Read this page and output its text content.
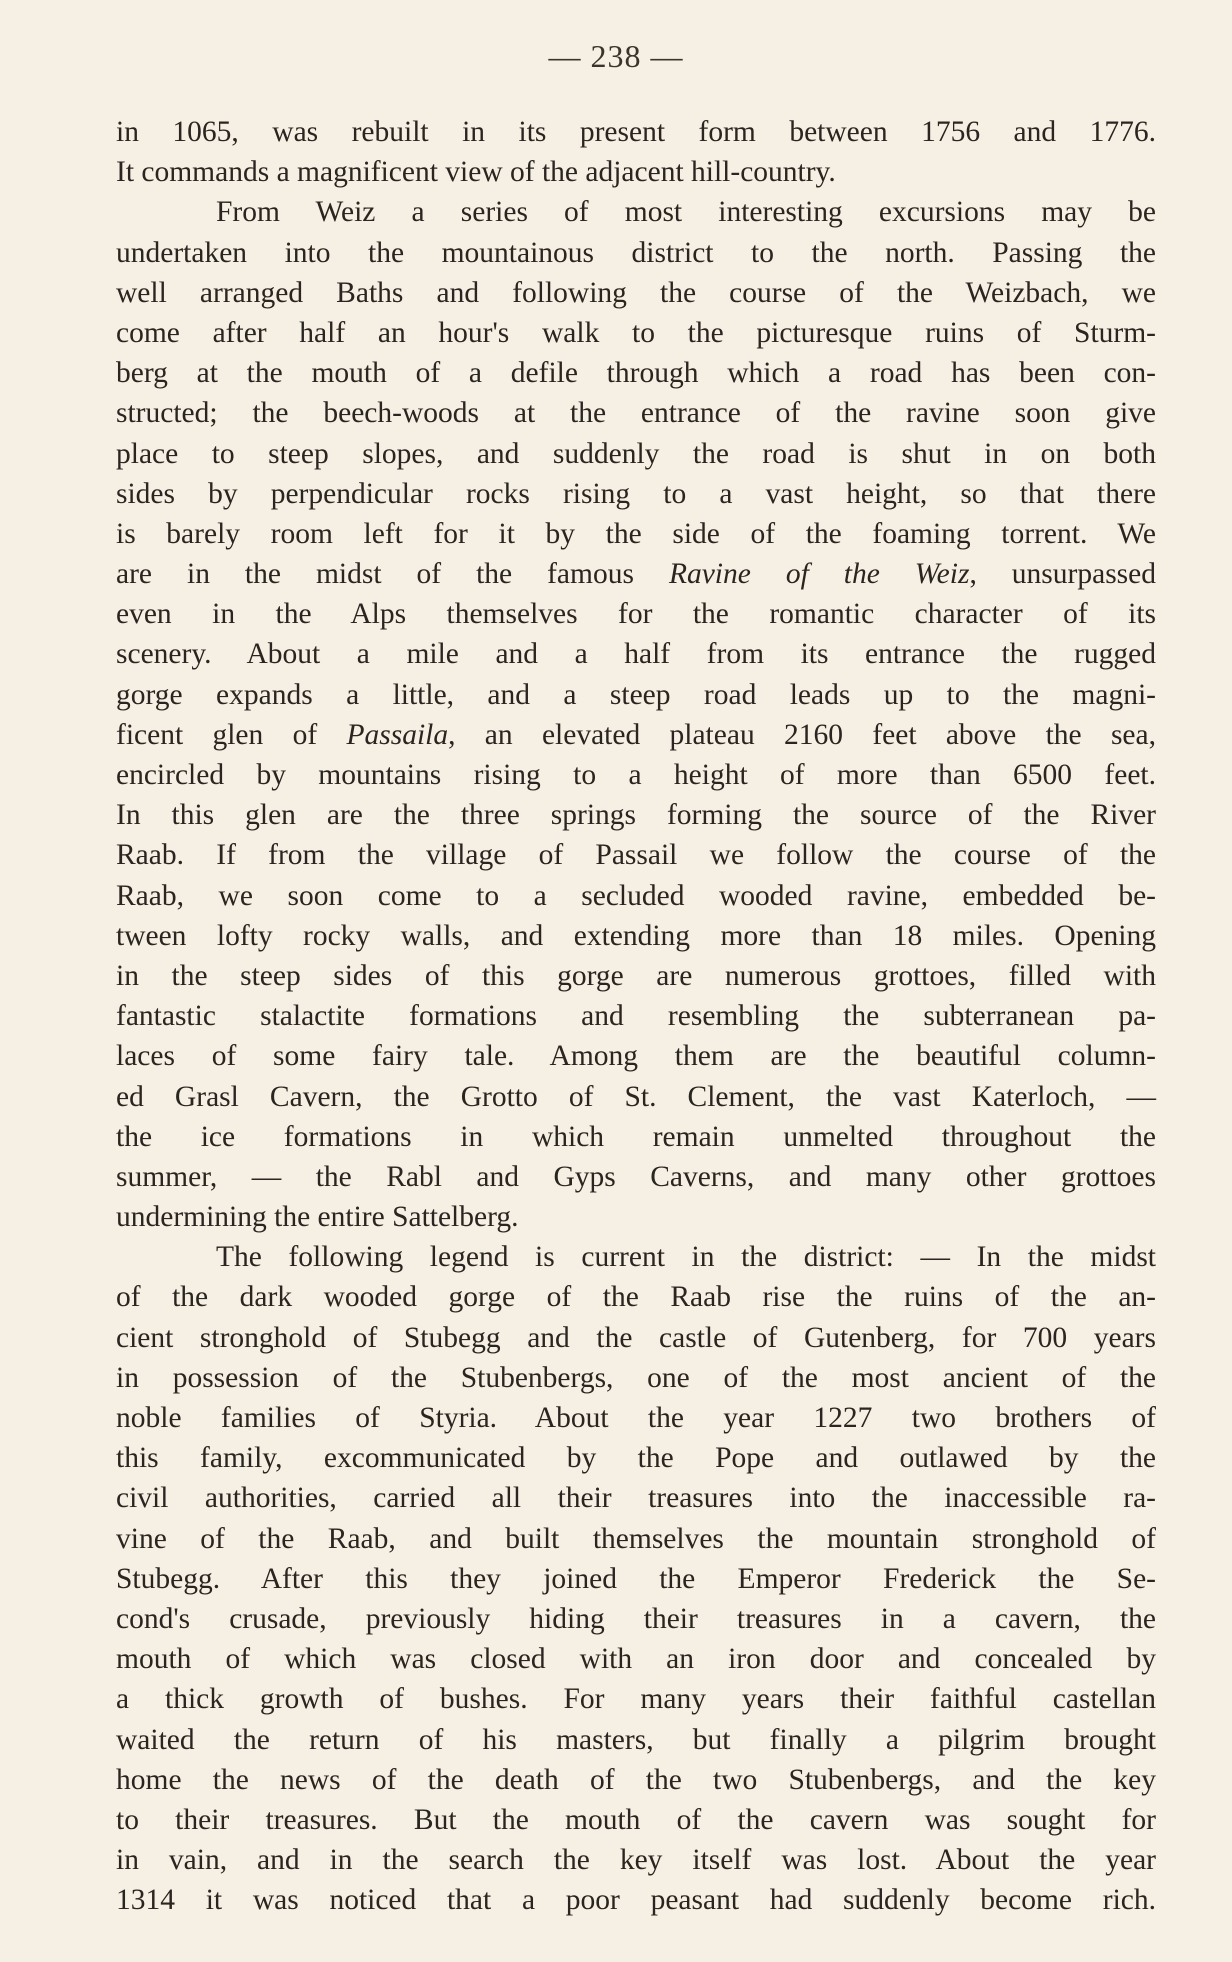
— 238 —
in 1065, was rebuilt in its present form between 1756 and 1776.
It commands a magnificent view of the adjacent hill-country.
From Weiz a series of most interesting excursions may be
undertaken into the mountainous district to the north. Passing the
well arranged Baths and following the course of the Weizbach, we
come after half an hour's walk to the picturesque ruins of Sturm-
berg at the mouth of a defile through which a road has been con-
structed; the beech-woods at the entrance of the ravine soon give
place to steep slopes, and suddenly the road is shut in on both
sides by perpendicular rocks rising to a vast height, so that there
is barely room left for it by the side of the foaming torrent. We
are in the midst of the famous Ravine of the Weiz, unsurpassed
even in the Alps themselves for the romantic character of its
scenery. About a mile and a half from its entrance the rugged
gorge expands a little, and a steep road leads up to the magni-
ficent glen of Passaila, an elevated plateau 2160 feet above the sea,
encircled by mountains rising to a height of more than 6500 feet.
In this glen are the three springs forming the source of the River
Raab. If from the village of Passail we follow the course of the
Raab, we soon come to a secluded wooded ravine, embedded be-
tween lofty rocky walls, and extending more than 18 miles. Opening
in the steep sides of this gorge are numerous grottoes, filled with
fantastic stalactite formations and resembling the subterranean pa-
laces of some fairy tale. Among them are the beautiful column-
ed Grasl Cavern, the Grotto of St. Clement, the vast Katerloch, —
the ice formations in which remain unmelted throughout the
summer, — the Rabl and Gyps Caverns, and many other grottoes
undermining the entire Sattelberg.
The following legend is current in the district: — In the midst
of the dark wooded gorge of the Raab rise the ruins of the an-
cient stronghold of Stubegg and the castle of Gutenberg, for 700 years
in possession of the Stubenbergs, one of the most ancient of the
noble families of Styria. About the year 1227 two brothers of
this family, excommunicated by the Pope and outlawed by the
civil authorities, carried all their treasures into the inaccessible ra-
vine of the Raab, and built themselves the mountain stronghold of
Stubegg. After this they joined the Emperor Frederick the Se-
cond's crusade, previously hiding their treasures in a cavern, the
mouth of which was closed with an iron door and concealed by
a thick growth of bushes. For many years their faithful castellan
waited the return of his masters, but finally a pilgrim brought
home the news of the death of the two Stubenbergs, and the key
to their treasures. But the mouth of the cavern was sought for
in vain, and in the search the key itself was lost. About the year
1314 it was noticed that a poor peasant had suddenly become rich.
